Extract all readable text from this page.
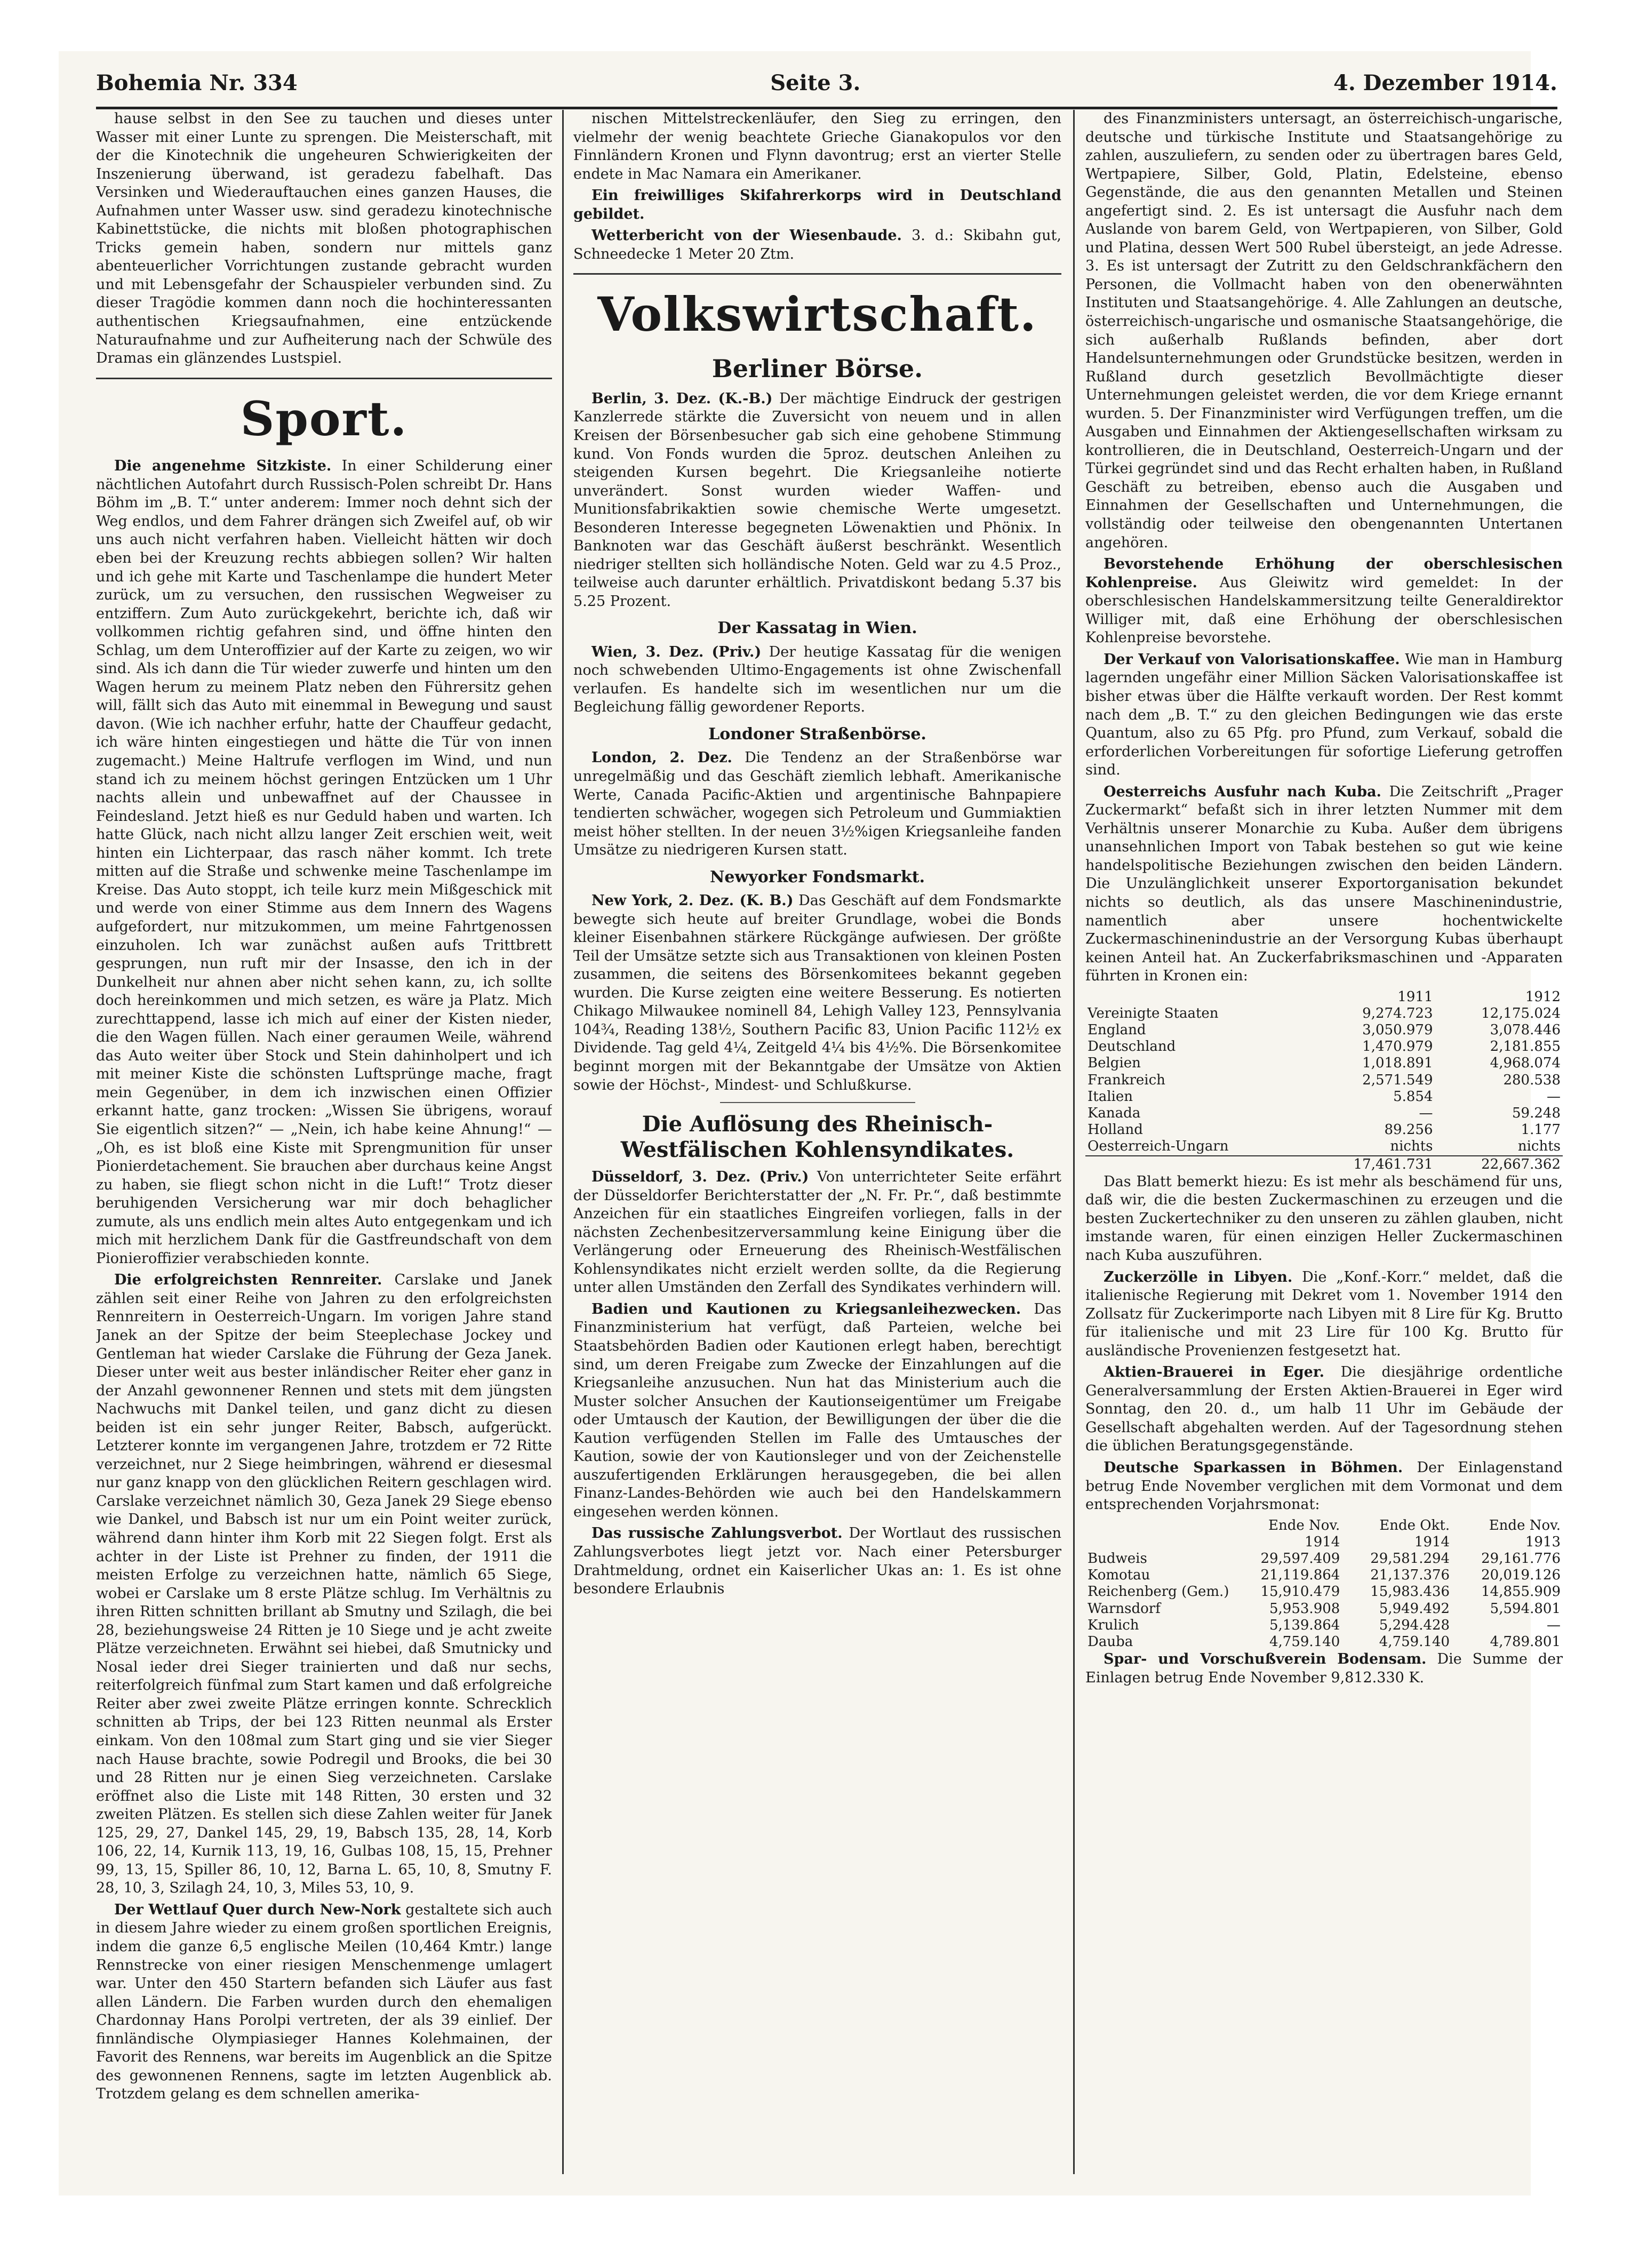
Bohemia Nr. 334	Seite 3.	4. Dezember 1914.

hause selbst in den See zu tauchen und dieses unter Wasser mit einer Lunte zu sprengen. Die Meisterschaft, mit der die Kinotechnik die ungeheuren Schwierigkeiten der Inszenierung überwand, ist geradezu fabelhaft. Das Versinken und Wiederauftauchen eines ganzen Hauses, die Aufnahmen unter Wasser usw. sind geradezu kinotechnische Kabinettstücke, die nichts mit bloßen photographischen Tricks gemein haben, sondern nur mittels ganz abenteuerlicher Vorrichtungen zustande gebracht wurden und mit Lebensgefahr der Schauspieler verbunden sind. Zu dieser Tragödie kommen dann noch die hochinteressanten authentischen Kriegsaufnahmen, eine entzückende Naturaufnahme und zur Aufheiterung nach der Schwüle des Dramas ein glänzendes Lustspiel.

Sport.

Die angenehme Sitzkiste. In einer Schilderung einer nächtlichen Autofahrt durch Russisch-Polen schreibt Dr. Hans Böhm im „B. T.“ unter anderem: Immer noch dehnt sich der Weg endlos, und dem Fahrer drängen sich Zweifel auf, ob wir uns auch nicht verfahren haben. Vielleicht hätten wir doch eben bei der Kreuzung rechts abbiegen sollen? Wir halten und ich gehe mit Karte und Taschenlampe die hundert Meter zurück, um zu versuchen, den russischen Wegweiser zu entziffern. Zum Auto zurückgekehrt, berichte ich, daß wir vollkommen richtig gefahren sind, und öffne hinten den Schlag, um dem Unteroffizier auf der Karte zu zeigen, wo wir sind. Als ich dann die Tür wieder zuwerfe und hinten um den Wagen herum zu meinem Platz neben den Führersitz gehen will, fällt sich das Auto mit einemmal in Bewegung und saust davon. (Wie ich nachher erfuhr, hatte der Chauffeur gedacht, ich wäre hinten eingestiegen und hätte die Tür von innen zugemacht.) Meine Haltrufe verflogen im Wind, und nun stand ich zu meinem höchst geringen Entzücken um 1 Uhr nachts allein und unbewaffnet auf der Chaussee in Feindesland. Jetzt hieß es nur Geduld haben und warten. Ich hatte Glück, nach nicht allzu langer Zeit erschien weit, weit hinten ein Lichterpaar, das rasch näher kommt. Ich trete mitten auf die Straße und schwenke meine Taschenlampe im Kreise. Das Auto stoppt, ich teile kurz mein Mißgeschick mit und werde von einer Stimme aus dem Innern des Wagens aufgefordert, nur mitzukommen, um meine Fahrtgenossen einzuholen. Ich war zunächst außen aufs Trittbrett gesprungen, nun ruft mir der Insasse, den ich in der Dunkelheit nur ahnen aber nicht sehen kann, zu, ich sollte doch hereinkommen und mich setzen, es wäre ja Platz. Mich zurechttappend, lasse ich mich auf einer der Kisten nieder, die den Wagen füllen. Nach einer geraumen Weile, während das Auto weiter über Stock und Stein dahinholpert und ich mit meiner Kiste die schönsten Luftsprünge mache, fragt mein Gegenüber, in dem ich inzwischen einen Offizier erkannt hatte, ganz trocken: „Wissen Sie übrigens, worauf Sie eigentlich sitzen?“ — „Nein, ich habe keine Ahnung!“ — „Oh, es ist bloß eine Kiste mit Sprengmunition für unser Pionierdetachement. Sie brauchen aber durchaus keine Angst zu haben, sie fliegt schon nicht in die Luft!“ Trotz dieser beruhigenden Versicherung war mir doch behaglicher zumute, als uns endlich mein altes Auto entgegenkam und ich mich mit herzlichem Dank für die Gastfreundschaft von dem Pionieroffizier verabschieden konnte.

Die erfolgreichsten Rennreiter. Carslake und Janek zählen seit einer Reihe von Jahren zu den erfolgreichsten Rennreitern in Oesterreich-Ungarn. Im vorigen Jahre stand Janek an der Spitze der beim Steeplechase Jockey und Gentleman hat wieder Carslake die Führung der Geza Janek. Dieser unter weit aus bester inländischer Reiter eher ganz in der Anzahl gewonnener Rennen und stets mit dem jüngsten Nachwuchs mit Dankel teilen, und ganz dicht zu diesen beiden ist ein sehr junger Reiter, Babsch, aufgerückt. Letzterer konnte im vergangenen Jahre, trotzdem er 72 Ritte verzeichnet, nur 2 Siege heimbringen, während er diesesmal nur ganz knapp von den glücklichen Reitern geschlagen wird. Carslake verzeichnet nämlich 30, Geza Janek 29 Siege ebenso wie Dankel, und Babsch ist nur um ein Point weiter zurück, während dann hinter ihm Korb mit 22 Siegen folgt. Erst als achter in der Liste ist Prehner zu finden, der 1911 die meisten Erfolge zu verzeichnen hatte, nämlich 65 Siege, wobei er Carslake um 8 erste Plätze schlug. Im Verhältnis zu ihren Ritten schnitten brillant ab Smutny und Szilagh, die bei 28, beziehungsweise 24 Ritten je 10 Siege und je acht zweite Plätze verzeichneten. Erwähnt sei hiebei, daß Smutnicky und Nosal ieder drei Sieger trainierten und daß nur sechs, reiterfolgreich fünfmal zum Start kamen und daß erfolgreiche Reiter aber zwei zweite Plätze erringen konnte. Schrecklich schnitten ab Trips, der bei 123 Ritten neunmal als Erster einkam. Von den 108mal zum Start ging und sie vier Sieger nach Hause brachte, sowie Podregil und Brooks, die bei 30 und 28 Ritten nur je einen Sieg verzeichneten. Carslake eröffnet also die Liste mit 148 Ritten, 30 ersten und 32 zweiten Plätzen. Es stellen sich diese Zahlen weiter für Janek 125, 29, 27, Dankel 145, 29, 19, Babsch 135, 28, 14, Korb 106, 22, 14, Kurnik 113, 19, 16, Gulbas 108, 15, 15, Prehner 99, 13, 15, Spiller 86, 10, 12, Barna L. 65, 10, 8, Smutny F. 28, 10, 3, Szilagh 24, 10, 3, Miles 53, 10, 9.

Der Wettlauf Quer durch New-Nork gestaltete sich auch in diesem Jahre wieder zu einem großen sportlichen Ereignis, indem die ganze 6,5 englische Meilen (10,464 Kmtr.) lange Rennstrecke von einer riesigen Menschenmenge umlagert war. Unter den 450 Startern befanden sich Läufer aus fast allen Ländern. Die Farben wurden durch den ehemaligen Chardonnay Hans Porolpi vertreten, der als 39 einlief. Der finnländische Olympiasieger Hannes Kolehmainen, der Favorit des Rennens, war bereits im Augenblick an die Spitze des gewonnenen Rennens, sagte im letzten Augenblick ab. Trotzdem gelang es dem schnellen amerika-

nischen Mittelstreckenläufer, den Sieg zu erringen, den vielmehr der wenig beachtete Grieche Gianakopulos vor den Finnländern Kronen und Flynn davontrug; erst an vierter Stelle endete in Mac Namara ein Amerikaner.

Ein freiwilliges Skifahrerkorps wird in Deutschland gebildet.

Wetterbericht von der Wiesenbaude. 3. d.: Skibahn gut, Schneedecke 1 Meter 20 Ztm.

Volkswirtschaft.
Berliner Börse.

Berlin, 3. Dez. (K.-B.) Der mächtige Eindruck der gestrigen Kanzlerrede stärkte die Zuversicht von neuem und in allen Kreisen der Börsenbesucher gab sich eine gehobene Stimmung kund. Von Fonds wurden die 5proz. deutschen Anleihen zu steigenden Kursen begehrt. Die Kriegsanleihe notierte unverändert. Sonst wurden wieder Waffen- und Munitionsfabrikaktien sowie chemische Werte umgesetzt. Besonderen Interesse begegneten Löwenaktien und Phönix. In Banknoten war das Geschäft äußerst beschränkt. Wesentlich niedriger stellten sich holländische Noten. Geld war zu 4.5 Proz., teilweise auch darunter erhältlich. Privatdiskont bedang 5.37 bis 5.25 Prozent.

Der Kassatag in Wien.

Wien, 3. Dez. (Priv.) Der heutige Kassatag für die wenigen noch schwebenden Ultimo-Engagements ist ohne Zwischenfall verlaufen. Es handelte sich im wesentlichen nur um die Begleichung fällig gewordener Reports.

Londoner Straßenbörse.

London, 2. Dez. Die Tendenz an der Straßenbörse war unregelmäßig und das Geschäft ziemlich lebhaft. Amerikanische Werte, Canada Pacific-Aktien und argentinische Bahnpapiere tendierten schwächer, wogegen sich Petroleum und Gummiaktien meist höher stellten. In der neuen 3½%igen Kriegsanleihe fanden Umsätze zu niedrigeren Kursen statt.

Newyorker Fondsmarkt.

New York, 2. Dez. (K. B.) Das Geschäft auf dem Fondsmarkte bewegte sich heute auf breiter Grundlage, wobei die Bonds kleiner Eisenbahnen stärkere Rückgänge aufwiesen. Der größte Teil der Umsätze setzte sich aus Transaktionen von kleinen Posten zusammen, die seitens des Börsenkomitees bekannt gegeben wurden. Die Kurse zeigten eine weitere Besserung. Es notierten Chikago Milwaukee nominell 84, Lehigh Valley 123, Pennsylvania 104¾, Reading 138½, Southern Pacific 83, Union Pacific 112½ ex Dividende. Tag geld 4¼, Zeitgeld 4¼ bis 4½%. Die Börsenkomitee beginnt morgen mit der Bekanntgabe der Umsätze von Aktien sowie der Höchst-, Mindest- und Schlußkurse.

Die Auflösung des Rheinisch-Westfälischen Kohlensyndikates.

Düsseldorf, 3. Dez. (Priv.) Von unterrichteter Seite erfährt der Düsseldorfer Berichterstatter der „N. Fr. Pr.“, daß bestimmte Anzeichen für ein staatliches Eingreifen vorliegen, falls in der nächsten Zechenbesitzerversammlung keine Einigung über die Verlängerung oder Erneuerung des Rheinisch-Westfälischen Kohlensyndikates nicht erzielt werden sollte, da die Regierung unter allen Umständen den Zerfall des Syndikates verhindern will.

Badien und Kautionen zu Kriegsanleihezwecken. Das Finanzministerium hat verfügt, daß Parteien, welche bei Staatsbehörden Badien oder Kautionen erlegt haben, berechtigt sind, um deren Freigabe zum Zwecke der Einzahlungen auf die Kriegsanleihe anzusuchen. Nun hat das Ministerium auch die Muster solcher Ansuchen der Kautionseigentümer um Freigabe oder Umtausch der Kaution, der Bewilligungen der über die die Kaution verfügenden Stellen im Falle des Umtausches der Kaution, sowie der von Kautionsleger und von der Zeichenstelle auszufertigenden Erklärungen herausgegeben, die bei allen Finanz-Landes-Behörden wie auch bei den Handelskammern eingesehen werden können.

Das russische Zahlungsverbot. Der Wortlaut des russischen Zahlungsverbotes liegt jetzt vor. Nach einer Petersburger Drahtmeldung, ordnet ein Kaiserlicher Ukas an: 1. Es ist ohne besondere Erlaubnis

des Finanzministers untersagt, an österreichisch-ungarische, deutsche und türkische Institute und Staatsangehörige zu zahlen, auszuliefern, zu senden oder zu übertragen bares Geld, Wertpapiere, Silber, Gold, Platin, Edelsteine, ebenso Gegenstände, die aus den genannten Metallen und Steinen angefertigt sind. 2. Es ist untersagt die Ausfuhr nach dem Auslande von barem Geld, von Wertpapieren, von Silber, Gold und Platina, dessen Wert 500 Rubel übersteigt, an jede Adresse. 3. Es ist untersagt der Zutritt zu den Geldschrankfächern den Personen, die Vollmacht haben von den obenerwähnten Instituten und Staatsangehörige. 4. Alle Zahlungen an deutsche, österreichisch-ungarische und osmanische Staatsangehörige, die sich außerhalb Rußlands befinden, aber dort Handelsunternehmungen oder Grundstücke besitzen, werden in Rußland durch gesetzlich Bevollmächtigte dieser Unternehmungen geleistet werden, die vor dem Kriege ernannt wurden. 5. Der Finanzminister wird Verfügungen treffen, um die Ausgaben und Einnahmen der Aktiengesellschaften wirksam zu kontrollieren, die in Deutschland, Oesterreich-Ungarn und der Türkei gegründet sind und das Recht erhalten haben, in Rußland Geschäft zu betreiben, ebenso auch die Ausgaben und Einnahmen der Gesellschaften und Unternehmungen, die vollständig oder teilweise den obengenannten Untertanen angehören.

Bevorstehende Erhöhung der oberschlesischen Kohlenpreise. Aus Gleiwitz wird gemeldet: In der oberschlesischen Handelskammersitzung teilte Generaldirektor Williger mit, daß eine Erhöhung der oberschlesischen Kohlenpreise bevorstehe.

Der Verkauf von Valorisationskaffee. Wie man in Hamburg lagernden ungefähr einer Million Säcken Valorisationskaffee ist bisher etwas über die Hälfte verkauft worden. Der Rest kommt nach dem „B. T.“ zu den gleichen Bedingungen wie das erste Quantum, also zu 65 Pfg. pro Pfund, zum Verkauf, sobald die erforderlichen Vorbereitungen für sofortige Lieferung getroffen sind.

Oesterreichs Ausfuhr nach Kuba. Die Zeitschrift „Prager Zuckermarkt“ befaßt sich in ihrer letzten Nummer mit dem Verhältnis unserer Monarchie zu Kuba. Außer dem übrigens unansehnlichen Import von Tabak bestehen so gut wie keine handelspolitische Beziehungen zwischen den beiden Ländern. Die Unzulänglichkeit unserer Exportorganisation bekundet nichts so deutlich, als das unsere Maschinenindustrie, namentlich aber unsere hochentwickelte Zuckermaschinenindustrie an der Versorgung Kubas überhaupt keinen Anteil hat. An Zuckerfabriksmaschinen und -Apparaten führten in Kronen ein:

	1911	1912
Vereinigte Staaten	9,274.723	12,175.024
England	3,050.979	3,078.446
Deutschland	1,470.979	2,181.855
Belgien	1,018.891	4,968.074
Frankreich	2,571.549	280.538
Italien	5.854	—
Kanada	—	59.248
Holland	89.256	1.177
Oesterreich-Ungarn	nichts	nichts
	17,461.731	22,667.362

Das Blatt bemerkt hiezu: Es ist mehr als beschämend für uns, daß wir, die die besten Zuckermaschinen zu erzeugen und die besten Zuckertechniker zu den unseren zu zählen glauben, nicht imstande waren, für einen einzigen Heller Zuckermaschinen nach Kuba auszuführen.

Zuckerzölle in Libyen. Die „Konf.-Korr.“ meldet, daß die italienische Regierung mit Dekret vom 1. November 1914 den Zollsatz für Zuckerimporte nach Libyen mit 8 Lire für Kg. Brutto für italienische und mit 23 Lire für 100 Kg. Brutto für ausländische Provenienzen festgesetzt hat.

Aktien-Brauerei in Eger. Die diesjährige ordentliche Generalversammlung der Ersten Aktien-Brauerei in Eger wird Sonntag, den 20. d., um halb 11 Uhr im Gebäude der Gesellschaft abgehalten werden. Auf der Tagesordnung stehen die üblichen Beratungsgegenstände.

Deutsche Sparkassen in Böhmen. Der Einlagenstand betrug Ende November verglichen mit dem Vormonat und dem entsprechenden Vorjahrsmonat:

	Ende Nov. 1914	Ende Okt. 1914	Ende Nov. 1913
Budweis	29,597.409	29,581.294	29,161.776
Komotau	21,119.864	21,137.376	20,019.126
Reichenberg (Gem.)	15,910.479	15,983.436	14,855.909
Warnsdorf	5,953.908	5,949.492	5,594.801
Krulich	5,139.864	5,294.428	—
Dauba	4,759.140	4,759.140	4,789.801

Spar- und Vorschußverein Bodensam. Die Summe der Einlagen betrug Ende November 9,812.330 K.
